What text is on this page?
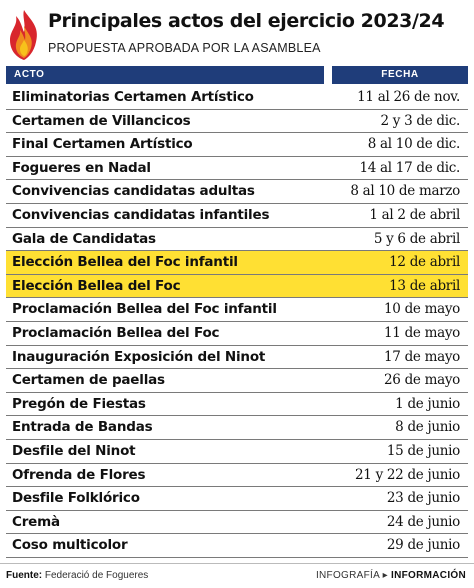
Principales actos del ejercicio 2023/24
PROPUESTA APROBADA POR LA ASAMBLEA
ACTO	FECHA
Eliminatorias Certamen Artístico	11 al 26 de nov.
Certamen de Villancicos	2 y 3 de dic.
Final Certamen Artístico	8 al 10 de dic.
Fogueres en Nadal	14 al 17 de dic.
Convivencias candidatas adultas	8 al 10 de marzo
Convivencias candidatas infantiles	1 al 2 de abril
Gala de Candidatas	5 y 6 de abril
Elección Bellea del Foc infantil	12 de abril
Elección Bellea del Foc	13 de abril
Proclamación Bellea del Foc infantil	10 de mayo
Proclamación Bellea del Foc	11 de mayo
Inauguración Exposición del Ninot	17 de mayo
Certamen de paellas	26 de mayo
Pregón de Fiestas	1 de junio
Entrada de Bandas	8 de junio
Desfile del Ninot	15 de junio
Ofrenda de Flores	21 y 22 de junio
Desfile Folklórico	23 de junio
Cremà	24 de junio
Coso multicolor	29 de junio
Fuente: Federació de Fogueres	INFOGRAFÍA ▸ INFORMACIÓN
